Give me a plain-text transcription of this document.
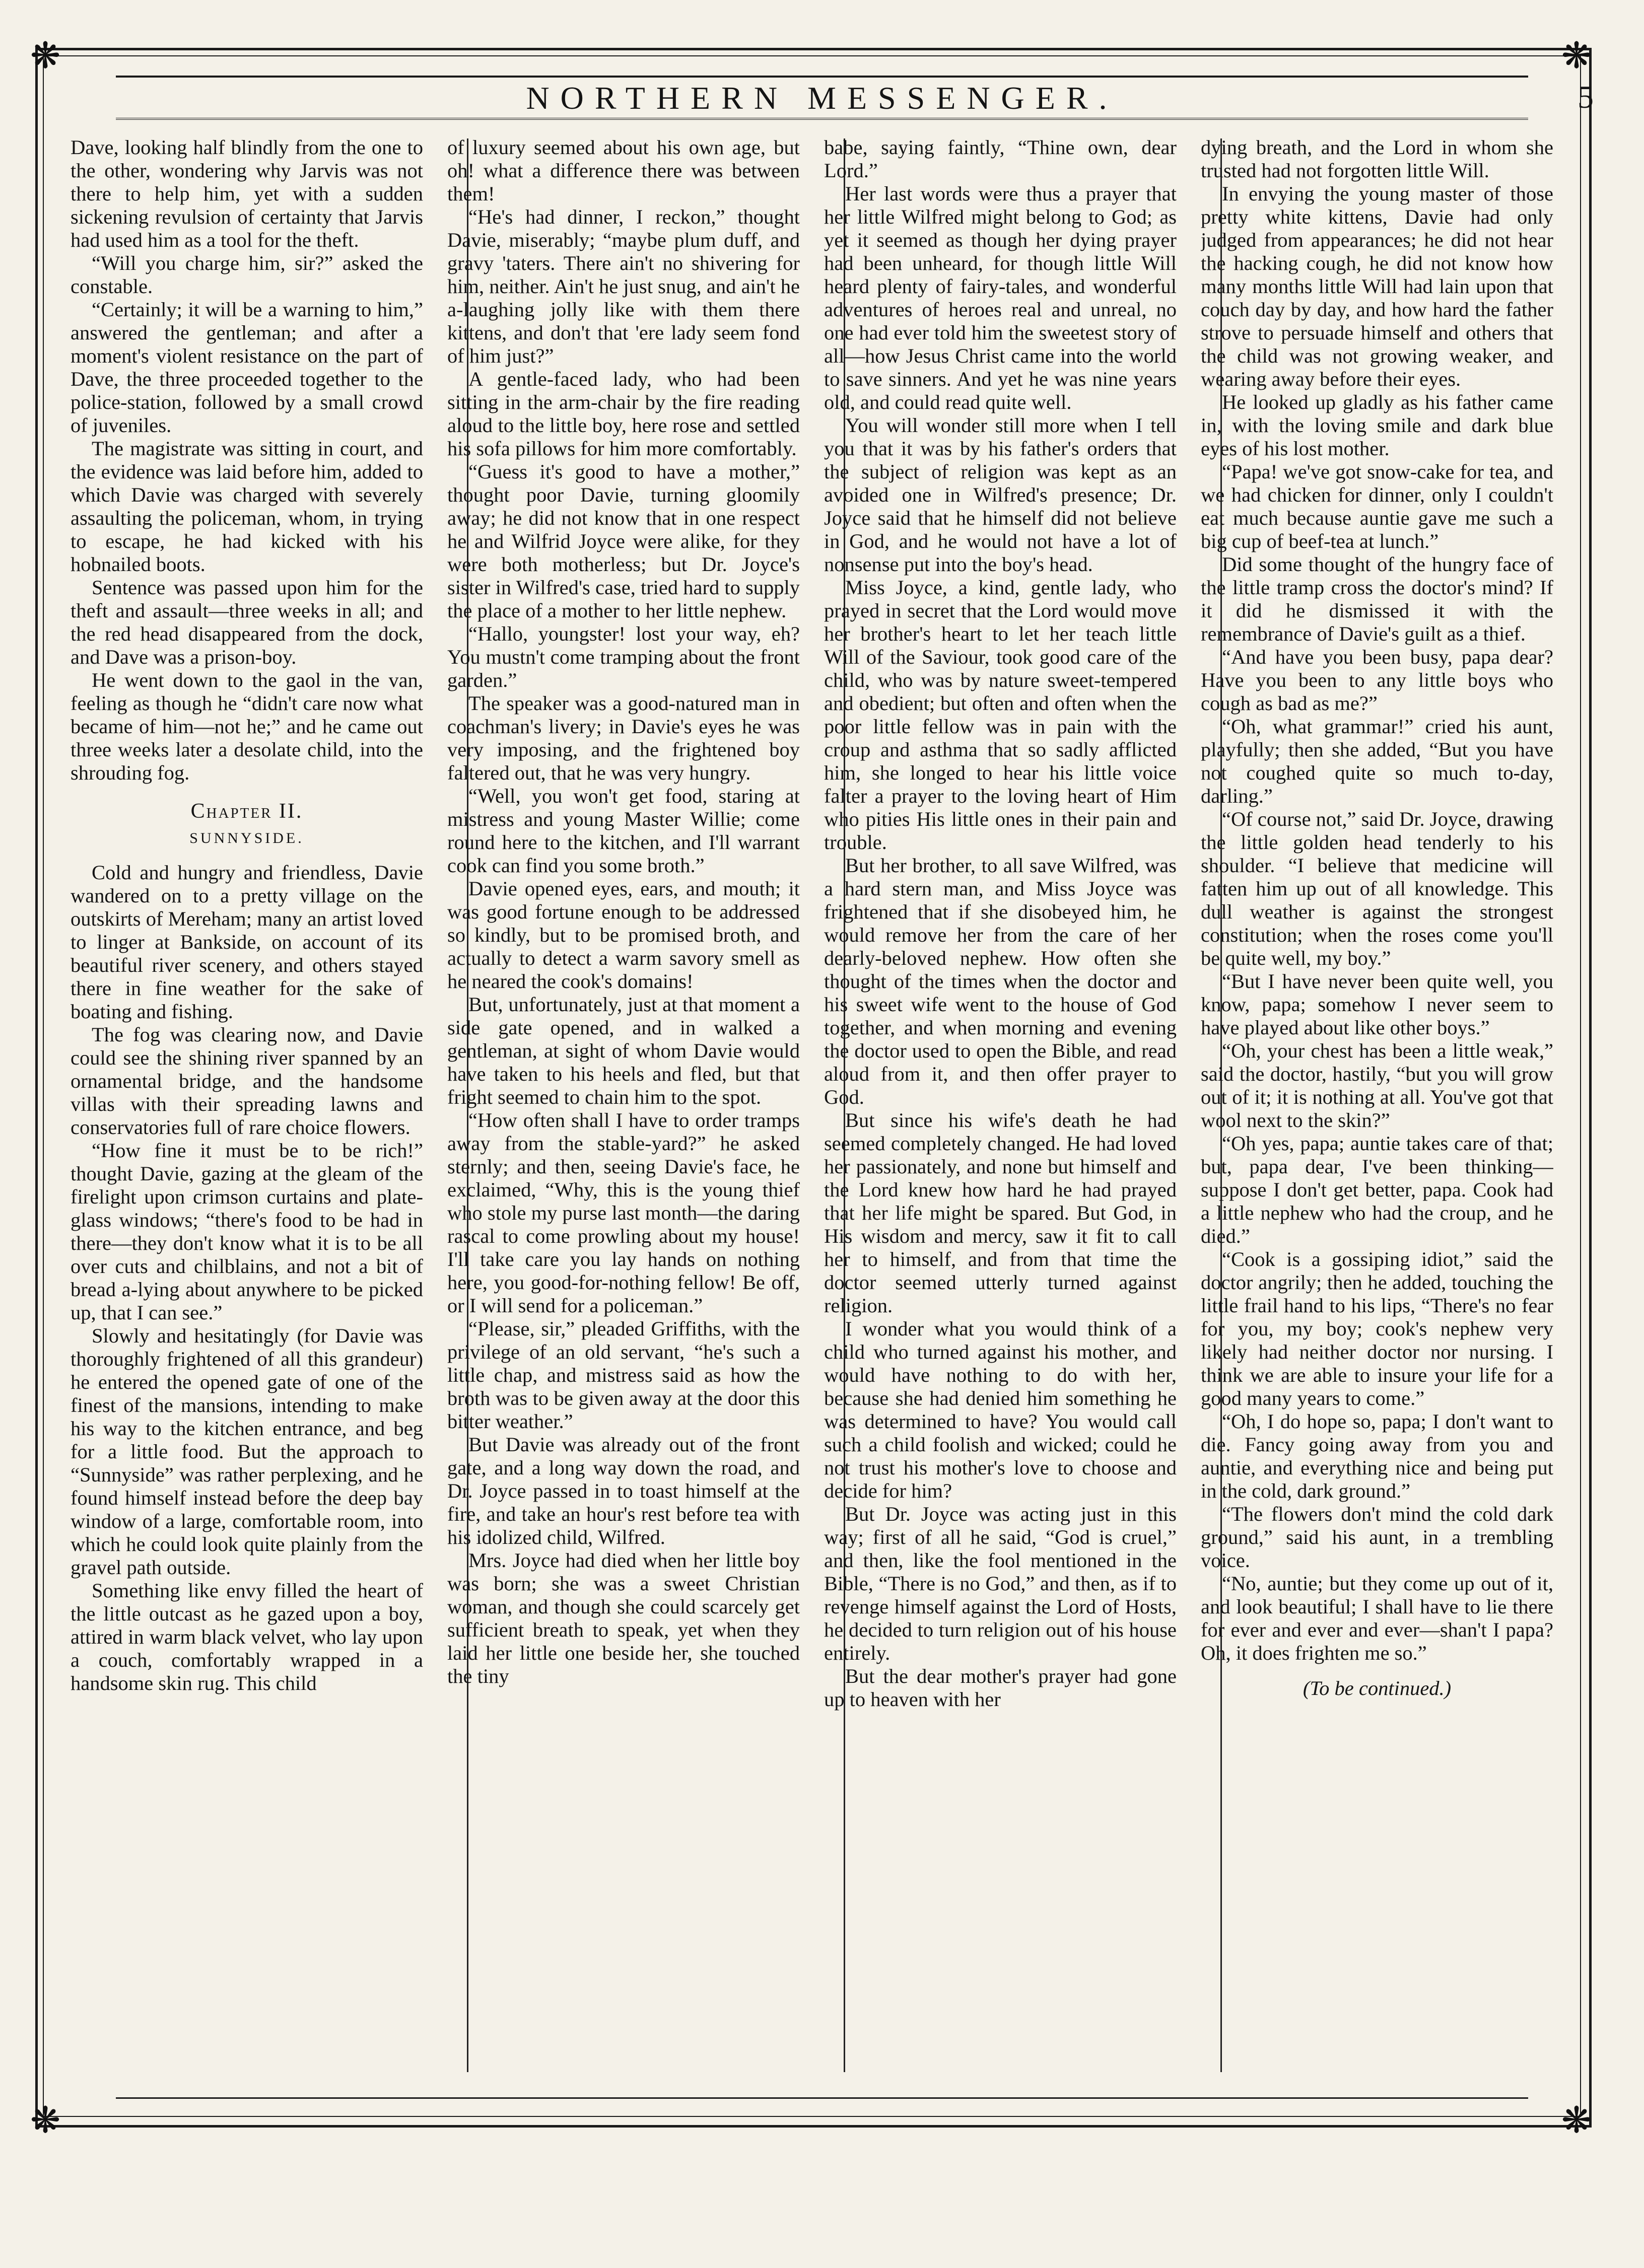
❋	❋
❋	❋
NORTHERN MESSENGER.	5

Dave, looking half blindly from the one to the other, wondering why Jarvis was not there to help him, yet with a sudden sickening revulsion of certainty that Jarvis had used him as a tool for the theft.

“Will you charge him, sir?” asked the constable.

“Certainly; it will be a warning to him,” answered the gentleman; and after a moment's violent resistance on the part of Dave, the three proceeded together to the police-station, followed by a small crowd of juveniles.

The magistrate was sitting in court, and the evidence was laid before him, added to which Davie was charged with severely assaulting the policeman, whom, in trying to escape, he had kicked with his hobnailed boots.

Sentence was passed upon him for the theft and assault—three weeks in all; and the red head disappeared from the dock, and Dave was a prison-boy.

He went down to the gaol in the van, feeling as though he “didn't care now what became of him—not he;” and he came out three weeks later a desolate child, into the shrouding fog.

Chapter II.

SUNNYSIDE.

Cold and hungry and friendless, Davie wandered on to a pretty village on the outskirts of Mereham; many an artist loved to linger at Bankside, on account of its beautiful river scenery, and others stayed there in fine weather for the sake of boating and fishing.

The fog was clearing now, and Davie could see the shining river spanned by an ornamental bridge, and the handsome villas with their spreading lawns and conservatories full of rare choice flowers.

“How fine it must be to be rich!” thought Davie, gazing at the gleam of the firelight upon crimson curtains and plate-glass windows; “there's food to be had in there—they don't know what it is to be all over cuts and chilblains, and not a bit of bread a-lying about anywhere to be picked up, that I can see.”

Slowly and hesitatingly (for Davie was thoroughly frightened of all this grandeur) he entered the opened gate of one of the finest of the mansions, intending to make his way to the kitchen entrance, and beg for a little food. But the approach to “Sunnyside” was rather perplexing, and he found himself instead before the deep bay window of a large, comfortable room, into which he could look quite plainly from the gravel path outside.

Something like envy filled the heart of the little outcast as he gazed upon a boy, attired in warm black velvet, who lay upon a couch, comfortably wrapped in a handsome skin rug. This child

of luxury seemed about his own age, but oh! what a difference there was between them!

“He's had dinner, I reckon,” thought Davie, miserably; “maybe plum duff, and gravy 'taters. There ain't no shivering for him, neither. Ain't he just snug, and ain't he a-laughing jolly like with them there kittens, and don't that 'ere lady seem fond of him just?”

A gentle-faced lady, who had been sitting in the arm-chair by the fire reading aloud to the little boy, here rose and settled his sofa pillows for him more comfortably.

“Guess it's good to have a mother,” thought poor Davie, turning gloomily away; he did not know that in one respect he and Wilfrid Joyce were alike, for they were both motherless; but Dr. Joyce's sister in Wilfred's case, tried hard to supply the place of a mother to her little nephew.

“Hallo, youngster! lost your way, eh? You mustn't come tramping about the front garden.”

The speaker was a good-natured man in coachman's livery; in Davie's eyes he was very imposing, and the frightened boy faltered out, that he was very hungry.

“Well, you won't get food, staring at mistress and young Master Willie; come round here to the kitchen, and I'll warrant cook can find you some broth.”

Davie opened eyes, ears, and mouth; it was good fortune enough to be addressed so kindly, but to be promised broth, and actually to detect a warm savory smell as he neared the cook's domains!

But, unfortunately, just at that moment a side gate opened, and in walked a gentleman, at sight of whom Davie would have taken to his heels and fled, but that fright seemed to chain him to the spot.

“How often shall I have to order tramps away from the stable-yard?” he asked sternly; and then, seeing Davie's face, he exclaimed, “Why, this is the young thief who stole my purse last month—the daring rascal to come prowling about my house! I'll take care you lay hands on nothing here, you good-for-nothing fellow! Be off, or I will send for a policeman.”

“Please, sir,” pleaded Griffiths, with the privilege of an old servant, “he's such a little chap, and mistress said as how the broth was to be given away at the door this bitter weather.”

But Davie was already out of the front gate, and a long way down the road, and Dr. Joyce passed in to toast himself at the fire, and take an hour's rest before tea with his idolized child, Wilfred.

Mrs. Joyce had died when her little boy was born; she was a sweet Christian woman, and though she could scarcely get sufficient breath to speak, yet when they laid her little one beside her, she touched the tiny

babe, saying faintly, “Thine own, dear Lord.”

Her last words were thus a prayer that her little Wilfred might belong to God; as yet it seemed as though her dying prayer had been unheard, for though little Will heard plenty of fairy-tales, and wonderful adventures of heroes real and unreal, no one had ever told him the sweetest story of all—how Jesus Christ came into the world to save sinners. And yet he was nine years old, and could read quite well.

You will wonder still more when I tell you that it was by his father's orders that the subject of religion was kept as an avoided one in Wilfred's presence; Dr. Joyce said that he himself did not believe in God, and he would not have a lot of nonsense put into the boy's head.

Miss Joyce, a kind, gentle lady, who prayed in secret that the Lord would move her brother's heart to let her teach little Will of the Saviour, took good care of the child, who was by nature sweet-tempered and obedient; but often and often when the poor little fellow was in pain with the croup and asthma that so sadly afflicted him, she longed to hear his little voice falter a prayer to the loving heart of Him who pities His little ones in their pain and trouble.

But her brother, to all save Wilfred, was a hard stern man, and Miss Joyce was frightened that if she disobeyed him, he would remove her from the care of her dearly-beloved nephew. How often she thought of the times when the doctor and his sweet wife went to the house of God together, and when morning and evening the doctor used to open the Bible, and read aloud from it, and then offer prayer to God.

But since his wife's death he had seemed completely changed. He had loved her passionately, and none but himself and the Lord knew how hard he had prayed that her life might be spared. But God, in His wisdom and mercy, saw it fit to call her to himself, and from that time the doctor seemed utterly turned against religion.

I wonder what you would think of a child who turned against his mother, and would have nothing to do with her, because she had denied him something he was determined to have? You would call such a child foolish and wicked; could he not trust his mother's love to choose and decide for him?

But Dr. Joyce was acting just in this way; first of all he said, “God is cruel,” and then, like the fool mentioned in the Bible, “There is no God,” and then, as if to revenge himself against the Lord of Hosts, he decided to turn religion out of his house entirely.

But the dear mother's prayer had gone up to heaven with her

dying breath, and the Lord in whom she trusted had not forgotten little Will.

In envying the young master of those pretty white kittens, Davie had only judged from appearances; he did not hear the hacking cough, he did not know how many months little Will had lain upon that couch day by day, and how hard the father strove to persuade himself and others that the child was not growing weaker, and wearing away before their eyes.

He looked up gladly as his father came in, with the loving smile and dark blue eyes of his lost mother.

“Papa! we've got snow-cake for tea, and we had chicken for dinner, only I couldn't eat much because auntie gave me such a big cup of beef-tea at lunch.”

Did some thought of the hungry face of the little tramp cross the doctor's mind? If it did he dismissed it with the remembrance of Davie's guilt as a thief.

“And have you been busy, papa dear? Have you been to any little boys who cough as bad as me?”

“Oh, what grammar!” cried his aunt, playfully; then she added, “But you have not coughed quite so much to-day, darling.”

“Of course not,” said Dr. Joyce, drawing the little golden head tenderly to his shoulder. “I believe that medicine will fatten him up out of all knowledge. This dull weather is against the strongest constitution; when the roses come you'll be quite well, my boy.”

“But I have never been quite well, you know, papa; somehow I never seem to have played about like other boys.”

“Oh, your chest has been a little weak,” said the doctor, hastily, “but you will grow out of it; it is nothing at all. You've got that wool next to the skin?”

“Oh yes, papa; auntie takes care of that; but, papa dear, I've been thinking—suppose I don't get better, papa. Cook had a little nephew who had the croup, and he died.”

“Cook is a gossiping idiot,” said the doctor angrily; then he added, touching the little frail hand to his lips, “There's no fear for you, my boy; cook's nephew very likely had neither doctor nor nursing. I think we are able to insure your life for a good many years to come.”

“Oh, I do hope so, papa; I don't want to die. Fancy going away from you and auntie, and everything nice and being put in the cold, dark ground.”

“The flowers don't mind the cold dark ground,” said his aunt, in a trembling voice.

“No, auntie; but they come up out of it, and look beautiful; I shall have to lie there for ever and ever and ever—shan't I papa? Oh, it does frighten me so.”

(To be continued.)
